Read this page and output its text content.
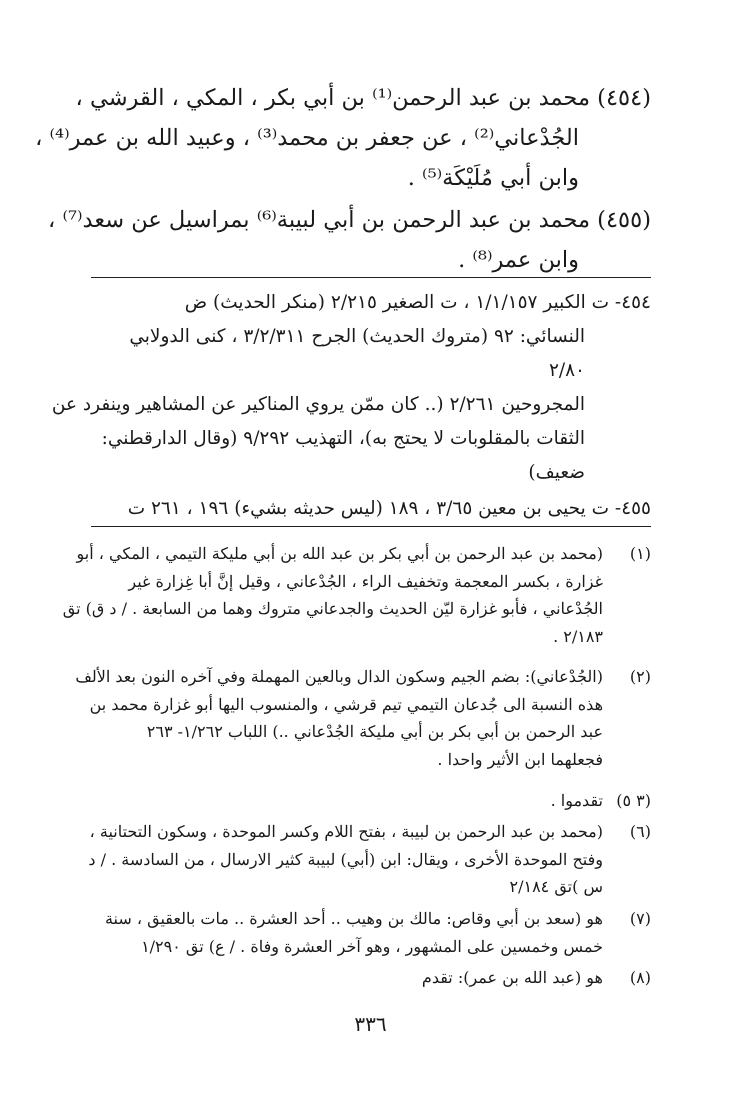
(٤٥٤) محمد بن عبد الرحمن⁽¹⁾ بن أبي بكر ، المكي ، القرشي ،
الجُدْعاني⁽²⁾ ، عن جعفر بن محمد⁽³⁾ ، وعبيد الله بن عمر⁽⁴⁾ ،
وابن أبي مُلَيْكَة⁽⁵⁾ .
(٤٥٥) محمد بن عبد الرحمن بن أبي لبيبة⁽⁶⁾ بمراسيل عن سعد⁽⁷⁾ ،
وابن عمر⁽⁸⁾ .
٤٥٤- ت الكبير ١/١/١٥٧ ، ت الصغير ٢/٢١٥ (منكر الحديث) ض
النسائي: ٩٢ (متروك الحديث) الجرح ٣/٢/٣١١ ، كنى الدولابي
٢/٨٠
المجروحين ٢/٢٦١ (.. كان ممّن يروي المناكير عن المشاهير وينفرد عن
الثقات بالمقلوبات لا يحتج به)، التهذيب ٩/٢٩٢ (وقال الدارقطني:
ضعيف)
٤٥٥- ت يحيى بن معين ٣/٦٥ ، ١٨٩ (ليس حديثه بشيء) ١٩٦ ، ٢٦١ ت
(١)(محمد بن عبد الرحمن بن أبي بكر بن عبد الله بن أبي مليكة التيمي ، المكي ، أبو
غزارة ، بكسر المعجمة وتخفيف الراء ، الجُدْعاني ، وقيل إنَّ أبا غِزارة غير
الجُدْعاني ، فأبو غزارة ليّن الحديث والجدعاني متروك وهما من السابعة . / د ق) تق
٢/١٨٣ .
(٢)(الجُدْعاني): بضم الجيم وسكون الدال وبالعين المهملة وفي آخره النون بعد الألف
هذه النسبة الى جُدعان التيمي تيم قرشي ، والمنسوب اليها أبو غزارة محمد بن
عبد الرحمن بن أبي بكر بن أبي مليكة الجُدْعاني ..) اللباب ١/٢٦٢- ٢٦٣
فجعلهما ابن الأثير واحدا .
(٣ ٥)تقدموا .
(٦)(محمد بن عبد الرحمن بن لبيبة ، بفتح اللام وكسر الموحدة ، وسكون التحتانية ،
وفتح الموحدة الأخرى ، ويقال: ابن (أبي) لبيبة كثير الارسال ، من السادسة . / د
س )تق ٢/١٨٤
(٧)هو (سعد بن أبي وقاص: مالك بن وهيب .. أحد العشرة .. مات بالعقيق ، سنة
خمس وخمسين على المشهور ، وهو آخر العشرة وفاة . / ع) تق ١/٢٩٠
(٨)هو (عبد الله بن عمر): تقدم
٣٣٦
